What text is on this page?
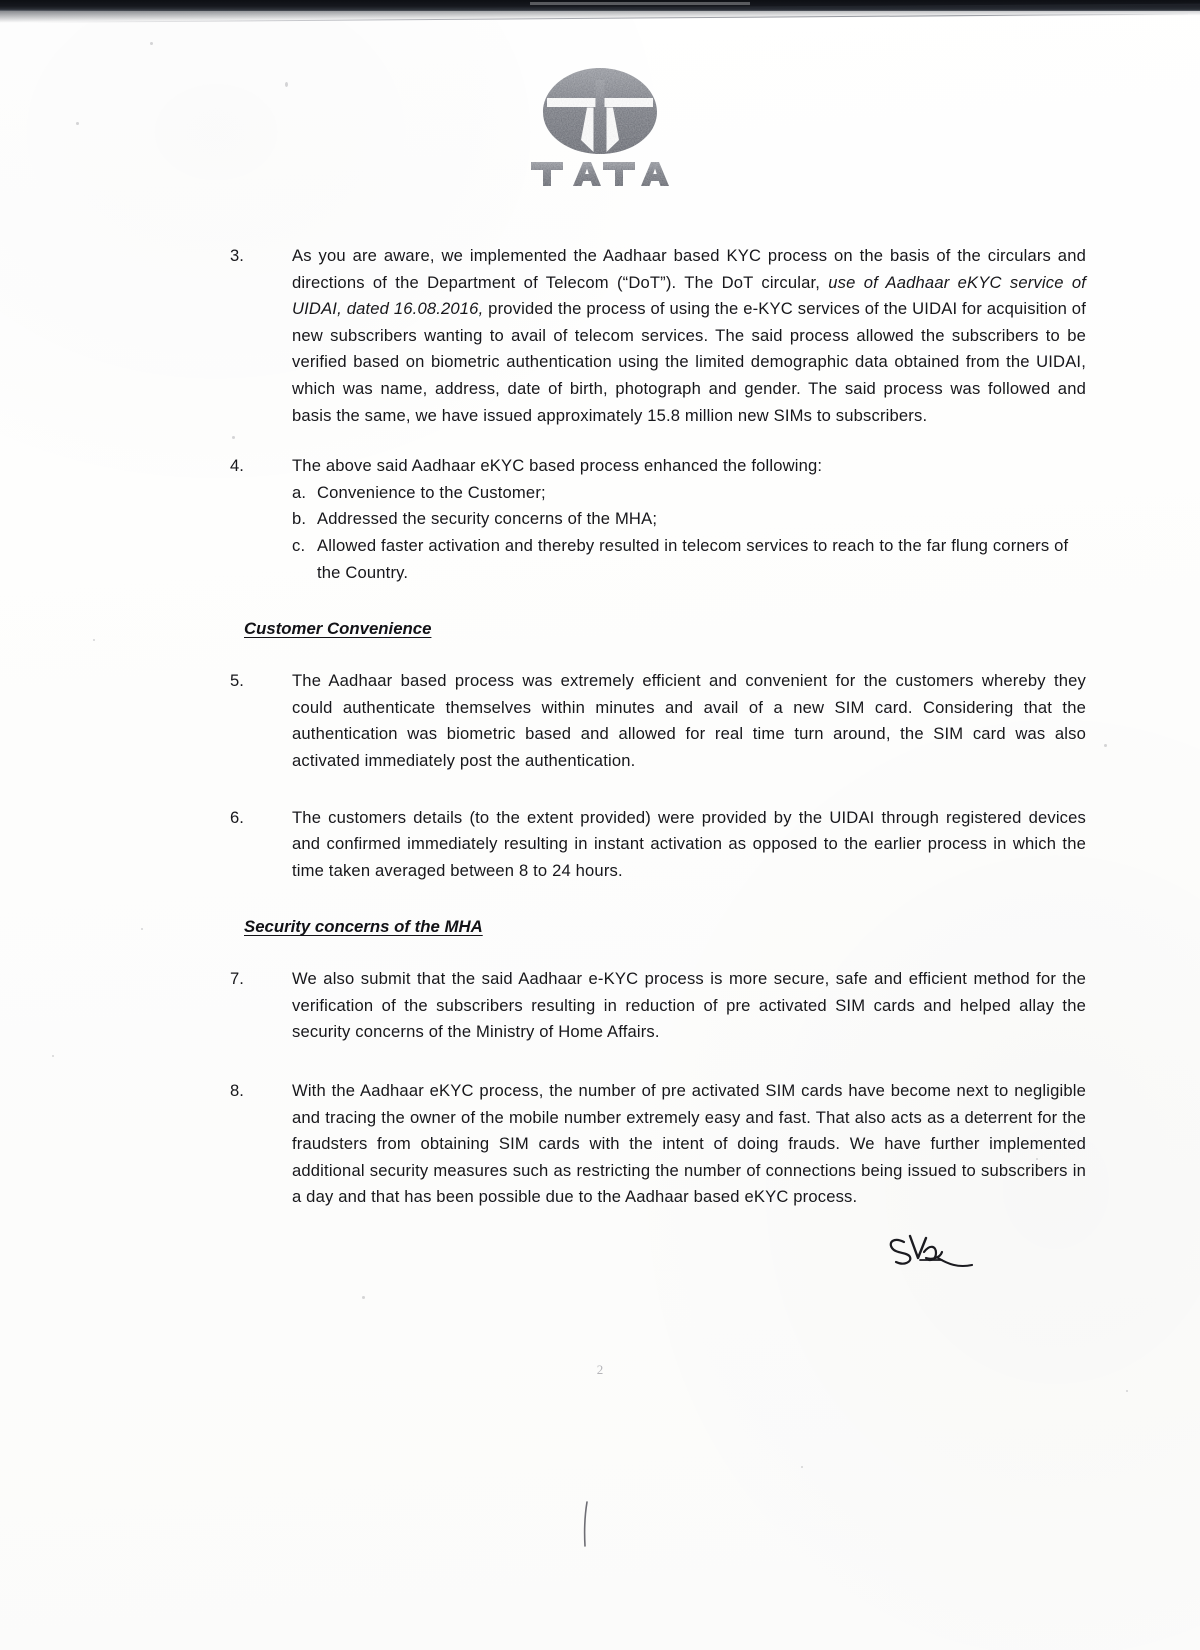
3.	As you are aware, we implemented the Aadhaar based KYC process on the basis of the circulars and directions of the Department of Telecom (“DoT”). The DoT circular, use of Aadhaar eKYC service of UIDAI, dated 16.08.2016, provided the process of using the e-KYC services of the UIDAI for acquisition of new subscribers wanting to avail of telecom services. The said process allowed the subscribers to be verified based on biometric authentication using the limited demographic data obtained from the UIDAI, which was name, address, date of birth, photograph and gender. The said process was followed and basis the same, we have issued approximately 15.8 million new SIMs to subscribers.
4.	The above said Aadhaar eKYC based process enhanced the following:
a. Convenience to the Customer;
b. Addressed the security concerns of the MHA;
c. Allowed faster activation and thereby resulted in telecom services to reach to the far flung corners of the Country.
Customer Convenience
5.	The Aadhaar based process was extremely efficient and convenient for the customers whereby they could authenticate themselves within minutes and avail of a new SIM card. Considering that the authentication was biometric based and allowed for real time turn around, the SIM card was also activated immediately post the authentication.
6.	The customers details (to the extent provided) were provided by the UIDAI through registered devices and confirmed immediately resulting in instant activation as opposed to the earlier process in which the time taken averaged between 8 to 24 hours.
Security concerns of the MHA
7.	We also submit that the said Aadhaar e-KYC process is more secure, safe and efficient method for the verification of the subscribers resulting in reduction of pre activated SIM cards and helped allay the security concerns of the Ministry of Home Affairs.
8.	With the Aadhaar eKYC process, the number of pre activated SIM cards have become next to negligible and tracing the owner of the mobile number extremely easy and fast. That also acts as a deterrent for the fraudsters from obtaining SIM cards with the intent of doing frauds. We have further implemented additional security measures such as restricting the number of connections being issued to subscribers in a day and that has been possible due to the Aadhaar based eKYC process.
2
